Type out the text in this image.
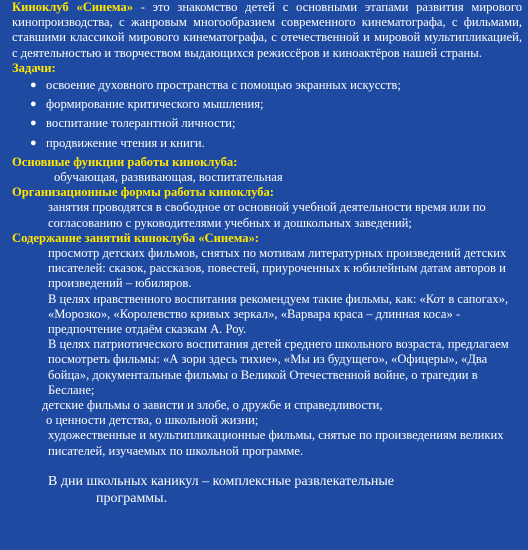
Киноклуб «Синема» - это знакомство детей с основными этапами развития мирового кинопроизводства, с жанровым многообразием современного кинематографа, с фильмами, ставшими классикой мирового кинематографа, с отечественной и мировой мультипликацией, с деятельностью и творчеством выдающихся режиссёров и киноактёров нашей страны.

Задачи:
● освоение духовного пространства с помощью экранных искусств;
● формирование критического мышления;
● воспитание толерантной личности;
● продвижение чтения и книги.
Основные функции работы киноклуба:

обучающая, развивающая, воспитательная

Организационные формы работы киноклуба:

занятия проводятся в свободное от основной учебной деятельности время или по согласованию с руководителями учебных и дошкольных заведений;

Содержание занятий киноклуба «Синема»:

просмотр детских фильмов, снятых по мотивам литературных произведений детских писателей: сказок, рассказов, повестей, приуроченных к юбилейным датам авторов и произведений – юбиляров.

В целях нравственного воспитания рекомендуем такие фильмы, как: «Кот в сапогах», «Морозко», «Королевство кривых зеркал», «Варвара краса – длинная коса» - предпочтение отдаём сказкам А. Роу.

В целях патриотического воспитания детей среднего школьного возраста, предлагаем посмотреть фильмы: «А зори здесь тихие», «Мы из будущего», «Офицеры», «Два бойца», документальные фильмы о Великой Отечественной войне, о трагедии в Беслане;

детские фильмы о зависти и злобе, о дружбе и справедливости,

о ценности детства, о школьной жизни;

художественные и мультипликационные фильмы, снятые по произведениям великих писателей, изучаемых по школьной программе.

В дни школьных каникул – комплексные развлекательные
программы.
